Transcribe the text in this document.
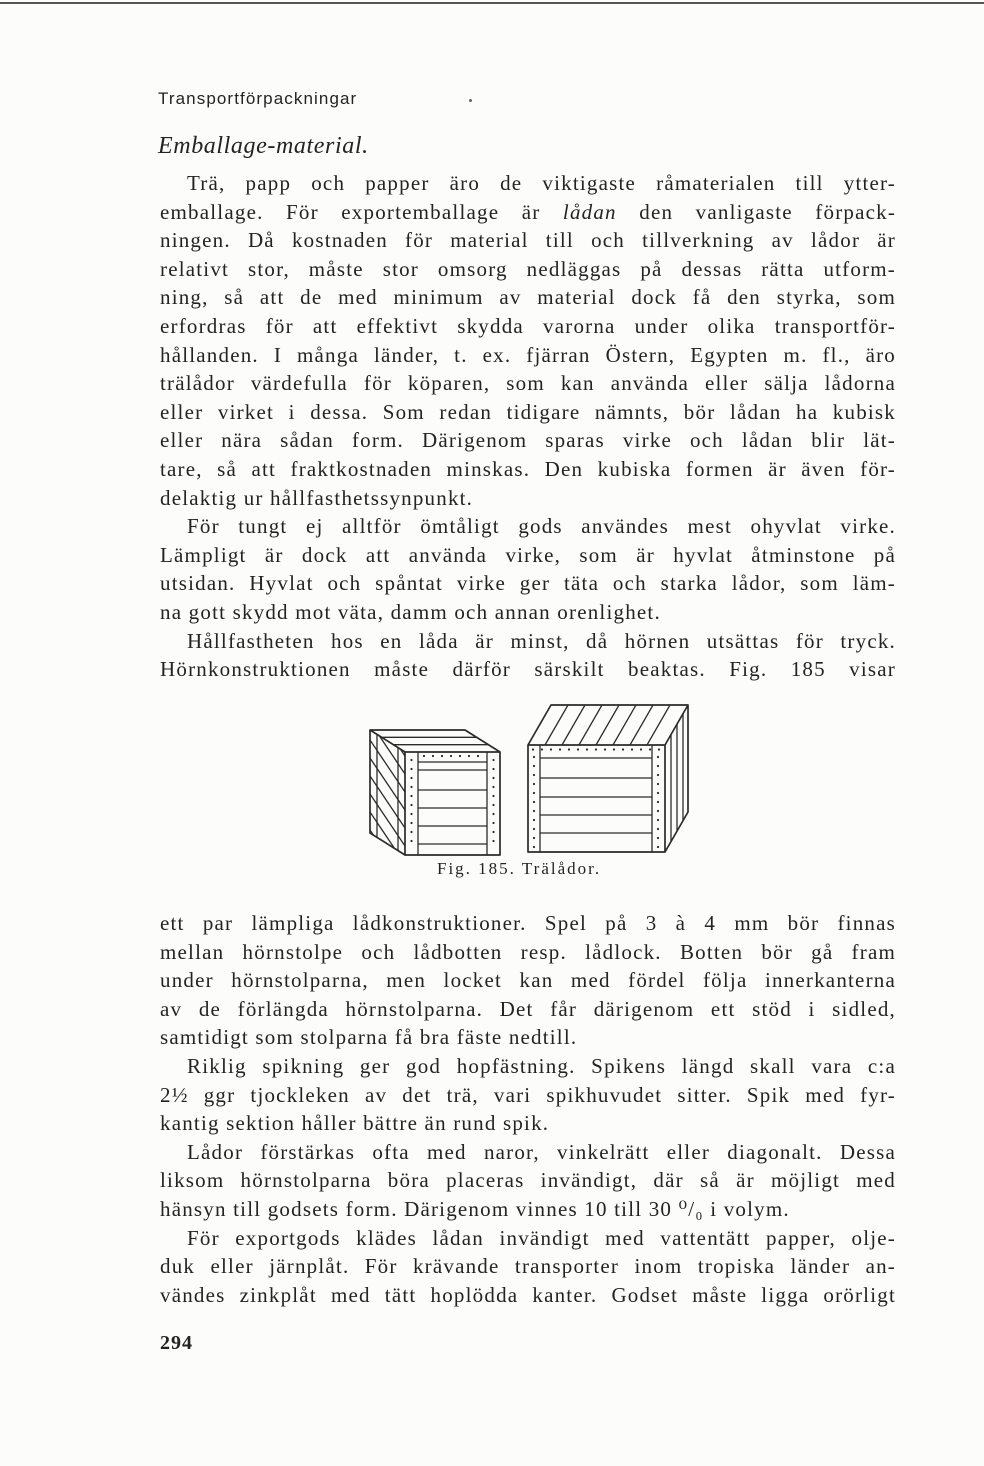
Transportförpackningar
Emballage-material.
Trä, papp och papper äro de viktigaste råmaterialen till ytter-
emballage. För exportemballage är lådan den vanligaste förpack-
ningen. Då kostnaden för material till och tillverkning av lådor är
relativt stor, måste stor omsorg nedläggas på dessas rätta utform-
ning, så att de med minimum av material dock få den styrka, som
erfordras för att effektivt skydda varorna under olika transportför-
hållanden. I många länder, t. ex. fjärran Östern, Egypten m. fl., äro
trälådor värdefulla för köparen, som kan använda eller sälja lådorna
eller virket i dessa. Som redan tidigare nämnts, bör lådan ha kubisk
eller nära sådan form. Därigenom sparas virke och lådan blir lät-
tare, så att fraktkostnaden minskas. Den kubiska formen är även för-
delaktig ur hållfasthetssynpunkt.
För tungt ej alltför ömtåligt gods användes mest ohyvlat virke.
Lämpligt är dock att använda virke, som är hyvlat åtminstone på
utsidan. Hyvlat och spåntat virke ger täta och starka lådor, som läm-
na gott skydd mot väta, damm och annan orenlighet.
Hållfastheten hos en låda är minst, då hörnen utsättas för tryck.
Hörnkonstruktionen måste därför särskilt beaktas. Fig. 185 visar
Fig. 185. Trälådor.
ett par lämpliga lådkonstruktioner. Spel på 3 à 4 mm bör finnas
mellan hörnstolpe och lådbotten resp. lådlock. Botten bör gå fram
under hörnstolparna, men locket kan med fördel följa innerkanterna
av de förlängda hörnstolparna. Det får därigenom ett stöd i sidled,
samtidigt som stolparna få bra fäste nedtill.
Riklig spikning ger god hopfästning. Spikens längd skall vara c:a
2½ ggr tjockleken av det trä, vari spikhuvudet sitter. Spik med fyr-
kantig sektion håller bättre än rund spik.
Lådor förstärkas ofta med naror, vinkelrätt eller diagonalt. Dessa
liksom hörnstolparna böra placeras invändigt, där så är möjligt med
hänsyn till godsets form. Därigenom vinnes 10 till 30 ⁰/₀ i volym.
För exportgods klädes lådan invändigt med vattentätt papper, olje-
duk eller järnplåt. För krävande transporter inom tropiska länder an-
vändes zinkplåt med tätt hoplödda kanter. Godset måste ligga orörligt
294
